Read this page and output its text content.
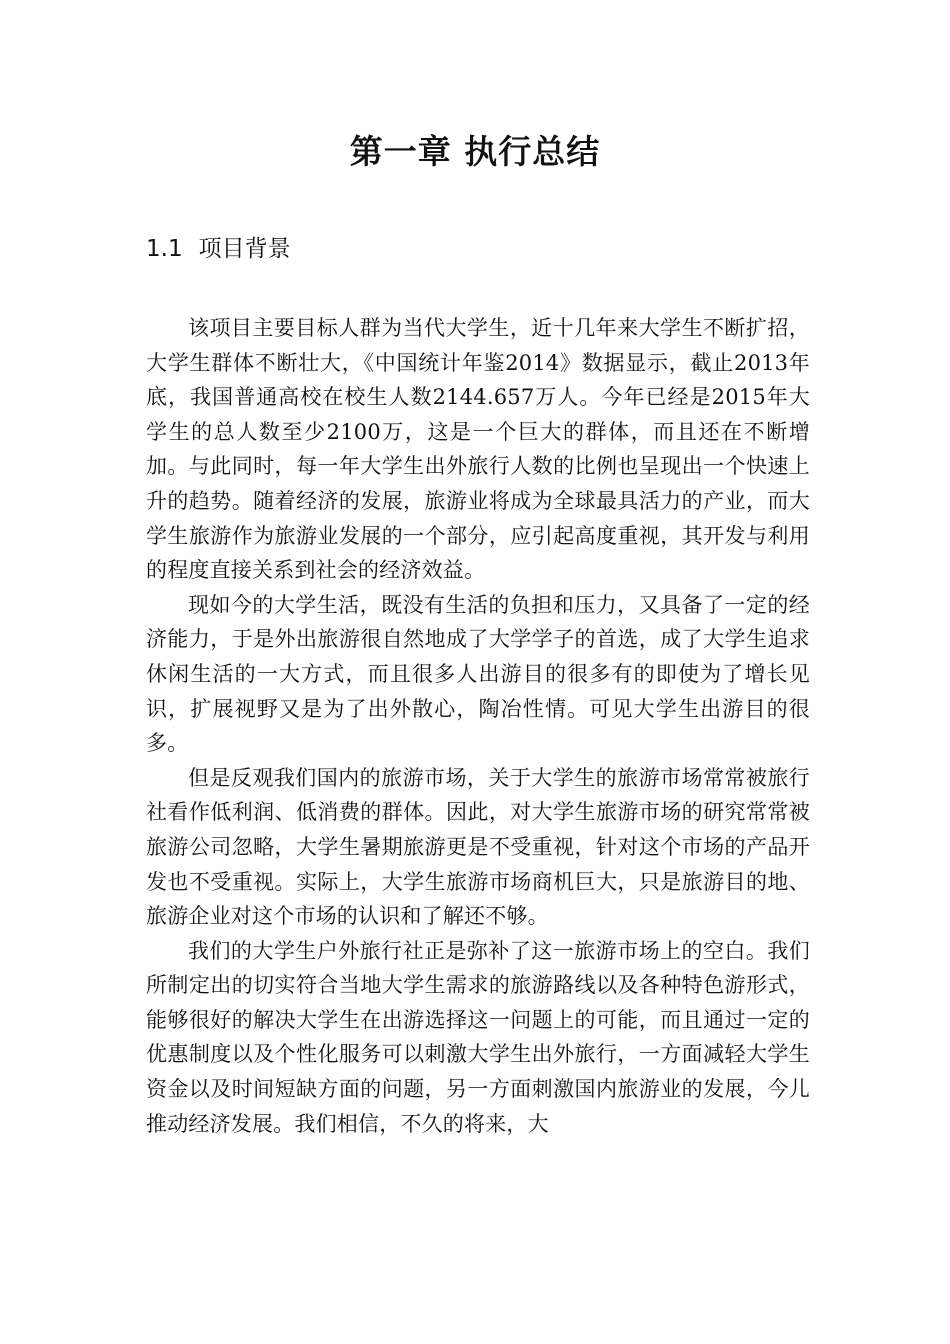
第一章 执行总结
1.1 项目背景

该项目主要目标人群为当代大学生，近十几年来大学生不断扩招，大学生群体不断壮大，《中国统计年鉴2014》数据显示，截止2013年底，我国普通高校在校生人数2144.657万人。今年已经是2015年大学生的总人数至少2100万，这是一个巨大的群体，而且还在不断增加。与此同时，每一年大学生出外旅行人数的比例也呈现出一个快速上升的趋势。随着经济的发展，旅游业将成为全球最具活力的产业，而大学生旅游作为旅游业发展的一个部分，应引起高度重视，其开发与利用的程度直接关系到社会的经济效益。

现如今的大学生活，既没有生活的负担和压力，又具备了一定的经济能力，于是外出旅游很自然地成了大学学子的首选，成了大学生追求休闲生活的一大方式，而且很多人出游目的很多有的即使为了增长见识，扩展视野又是为了出外散心，陶冶性情。可见大学生出游目的很多。

但是反观我们国内的旅游市场，关于大学生的旅游市场常常被旅行社看作低利润、低消费的群体。因此，对大学生旅游市场的研究常常被旅游公司忽略，大学生暑期旅游更是不受重视，针对这个市场的产品开发也不受重视。实际上，大学生旅游市场商机巨大，只是旅游目的地、旅游企业对这个市场的认识和了解还不够。

我们的大学生户外旅行社正是弥补了这一旅游市场上的空白。我们所制定出的切实符合当地大学生需求的旅游路线以及各种特色游形式，能够很好的解决大学生在出游选择这一问题上的可能，而且通过一定的优惠制度以及个性化服务可以刺激大学生出外旅行，一方面减轻大学生资金以及时间短缺方面的问题，另一方面刺激国内旅游业的发展，今儿推动经济发展。我们相信，不久的将来，大
